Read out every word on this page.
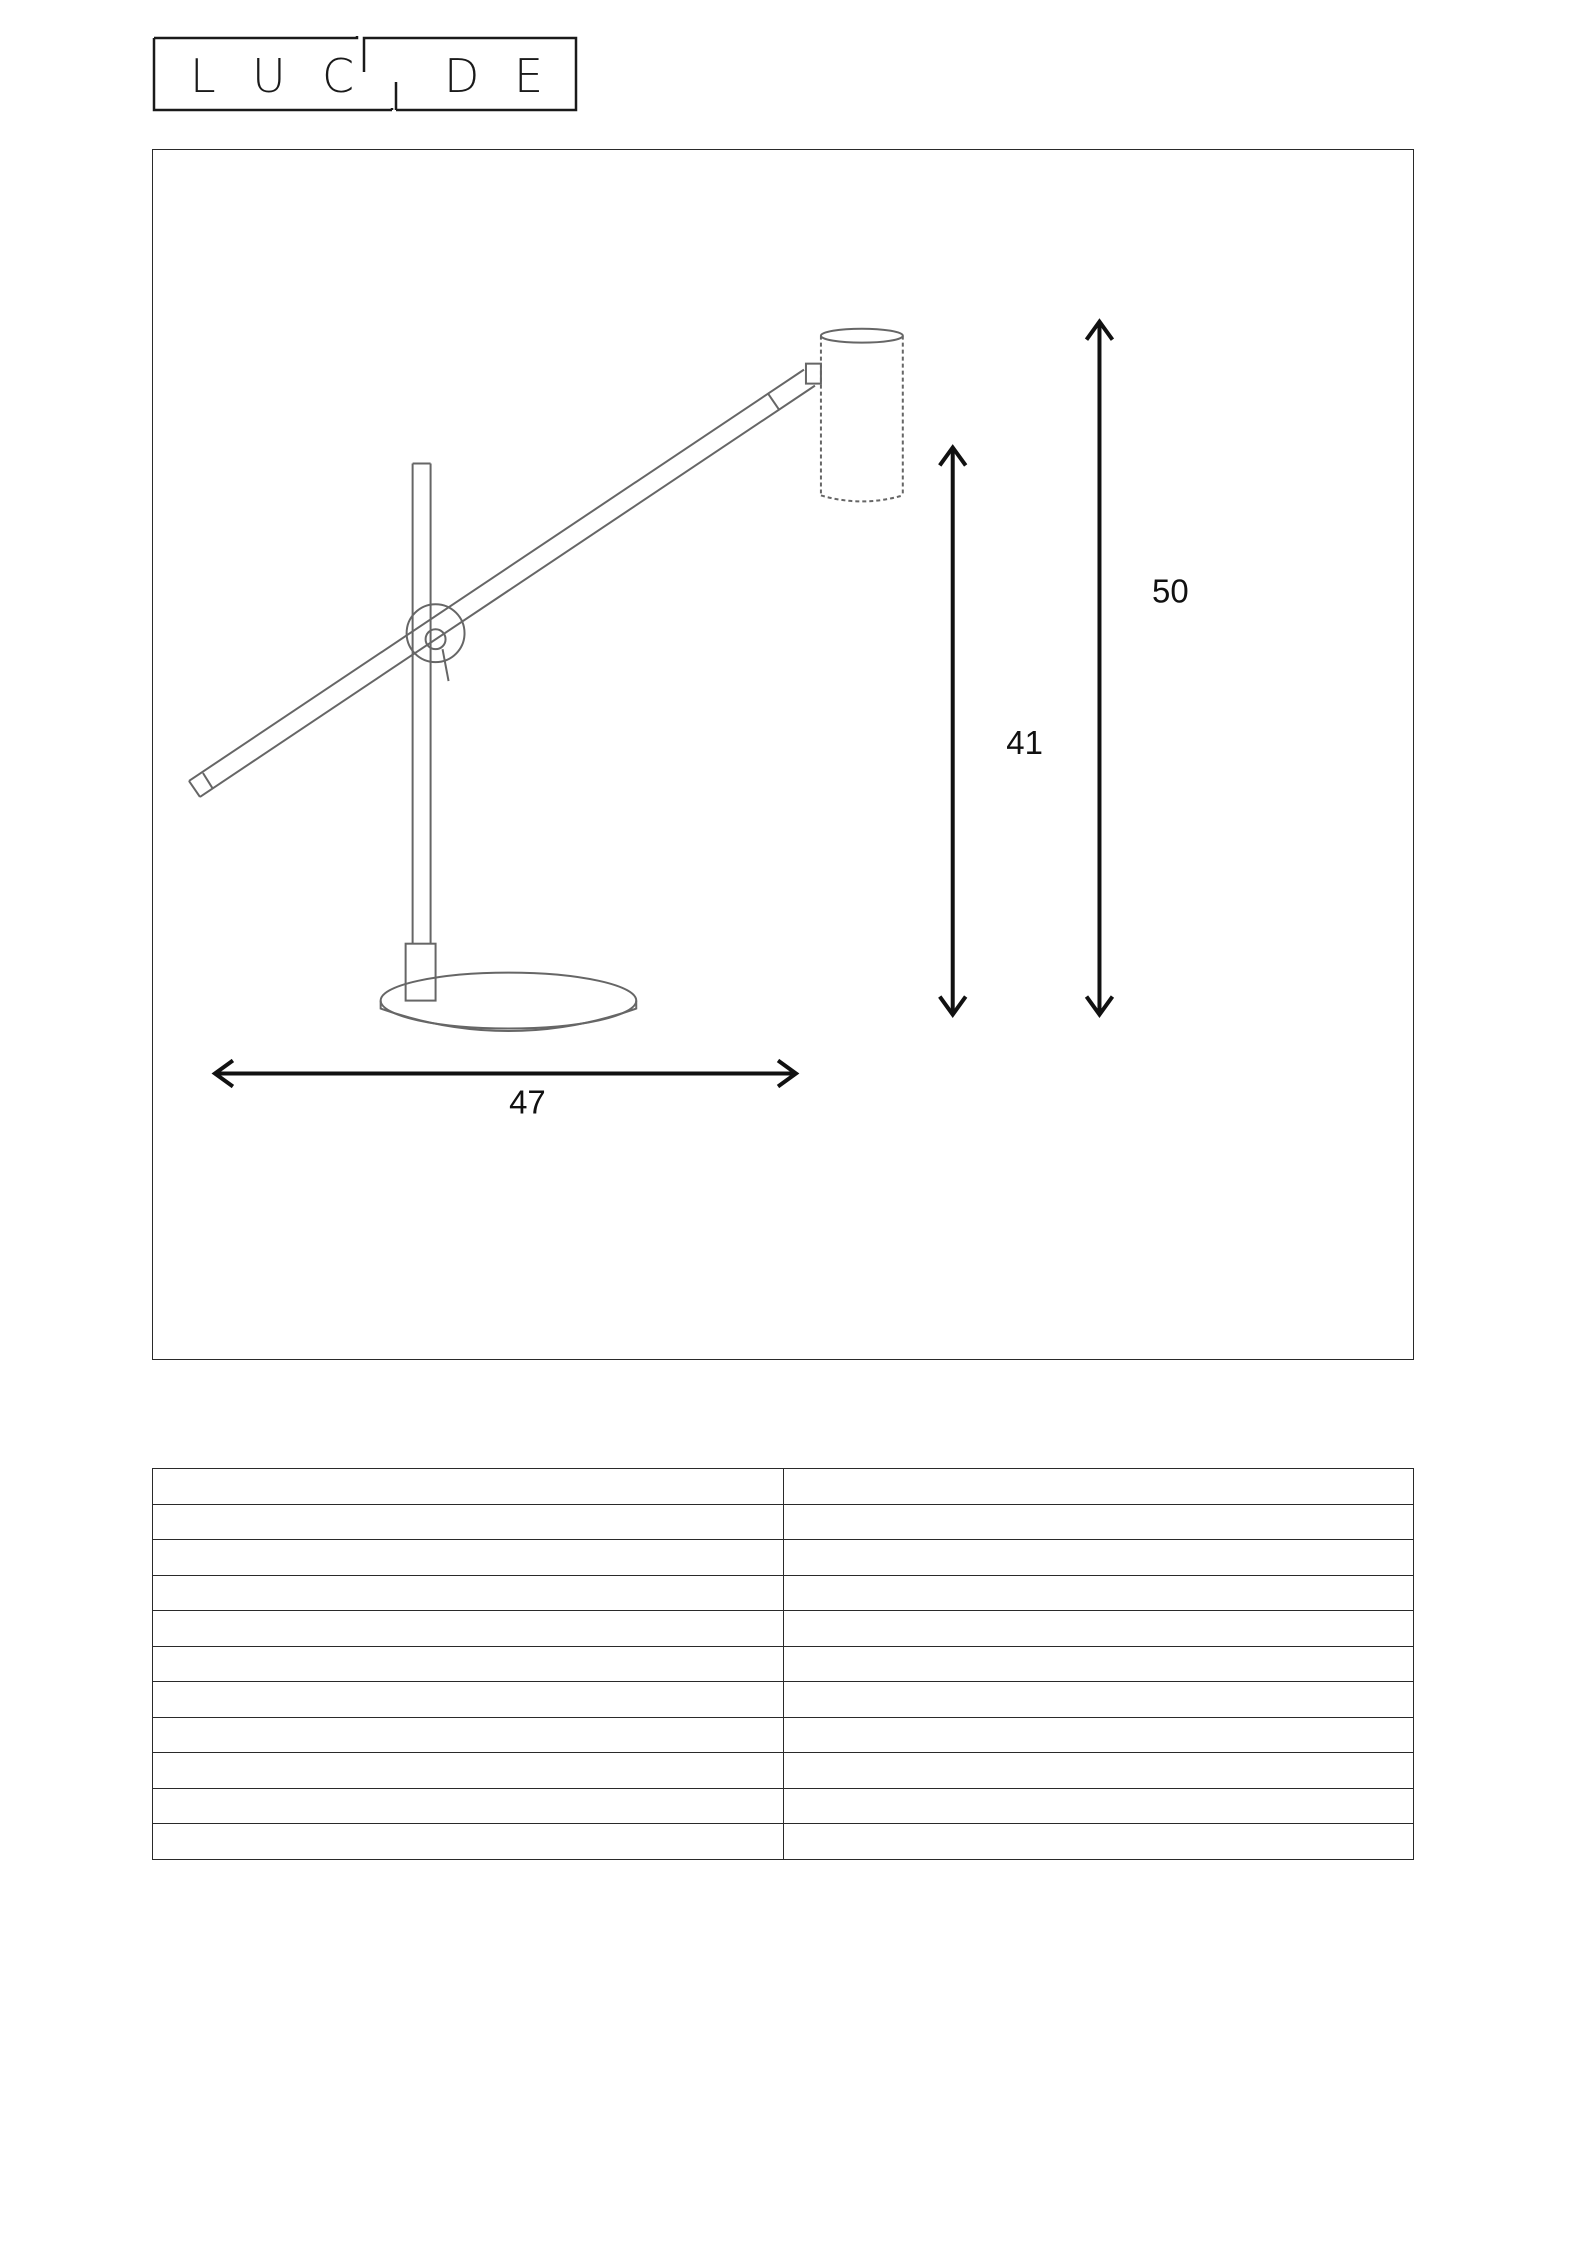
L U C D E
47
41
50
